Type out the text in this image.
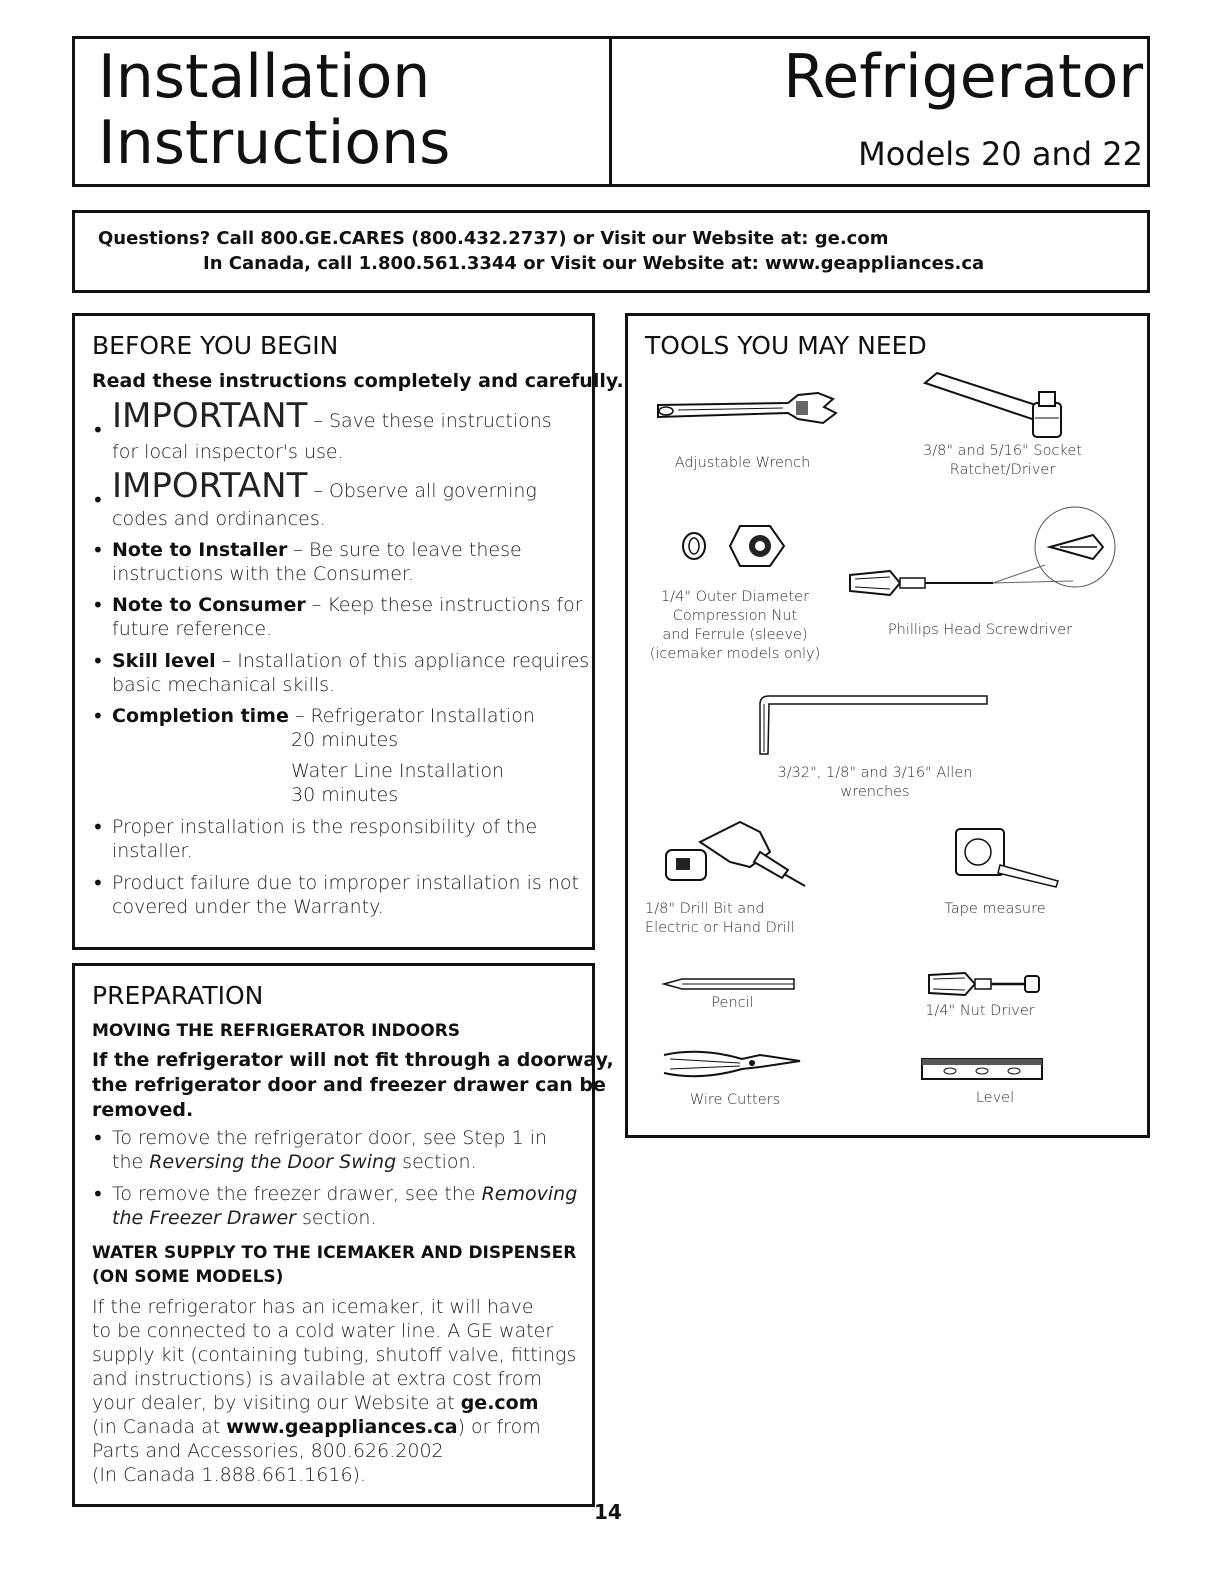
Installation
Instructions
Refrigerator
Models 20 and 22
Questions? Call 800.GE.CARES (800.432.2737) or Visit our Website at: ge.com
In Canada, call 1.800.561.3344 or Visit our Website at: www.geappliances.ca
BEFORE YOU BEGIN
Read these instructions completely and carefully.
• IMPORTANT – Save these instructions
for local inspector's use.
• IMPORTANT – Observe all governing
codes and ordinances.
• Note to Installer – Be sure to leave these
instructions with the Consumer.
• Note to Consumer – Keep these instructions for
future reference.
• Skill level – Installation of this appliance requires
basic mechanical skills.
• Completion time – Refrigerator Installation
20 minutes
Water Line Installation
30 minutes
• Proper installation is the responsibility of the
installer.
• Product failure due to improper installation is not
covered under the Warranty.
PREPARATION
MOVING THE REFRIGERATOR INDOORS
If the refrigerator will not fit through a doorway,
the refrigerator door and freezer drawer can be
removed.
• To remove the refrigerator door, see Step 1 in
the Reversing the Door Swing section.
• To remove the freezer drawer, see the Removing
the Freezer Drawer section.
WATER SUPPLY TO THE ICEMAKER AND DISPENSER
(ON SOME MODELS)
If the refrigerator has an icemaker, it will have
to be connected to a cold water line. A GE water
supply kit (containing tubing, shutoff valve, fittings
and instructions) is available at extra cost from
your dealer, by visiting our Website at ge.com
(in Canada at www.geappliances.ca) or from
Parts and Accessories, 800.626.2002
(In Canada 1.888.661.1616).
TOOLS YOU MAY NEED
Adjustable Wrench
3/8" and 5/16" Socket
Ratchet/Driver
1/4" Outer Diameter
Compression Nut
and Ferrule (sleeve)
(icemaker models only)
Phillips Head Screwdriver
3/32", 1/8" and 3/16" Allen
wrenches
1/8" Drill Bit and
Electric or Hand Drill
Tape measure
Pencil	1/4" Nut Driver
Wire Cutters	Level
14
